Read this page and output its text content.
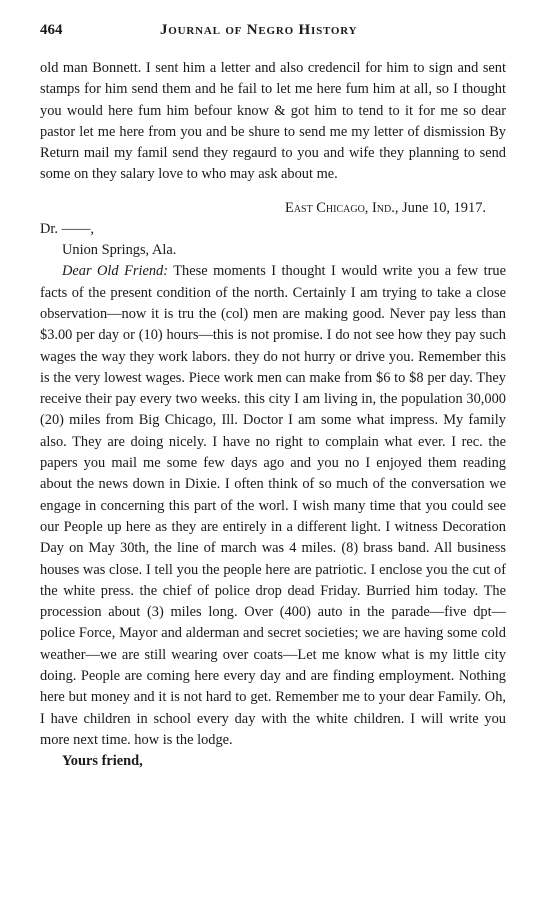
464	Journal of Negro History

old man Bonnett. I sent him a letter and also credencil for him to sign and sent stamps for him send them and he fail to let me here fum him at all, so I thought you would here fum him befour know & got him to tend to it for me so dear pastor let me here from you and be shure to send me my letter of dismission By Return mail my famil send they regaurd to you and wife they planning to send some on they salary love to who may ask about me.

East Chicago, Ind., June 10, 1917.
Dr. ——,
Union Springs, Ala.

Dear Old Friend: These moments I thought I would write you a few true facts of the present condition of the north. Certainly I am trying to take a close observation—now it is tru the (col) men are making good. Never pay less than $3.00 per day or (10) hours—this is not promise. I do not see how they pay such wages the way they work labors. they do not hurry or drive you. Remember this is the very lowest wages. Piece work men can make from $6 to $8 per day. They receive their pay every two weeks. this city I am living in, the population 30,000 (20) miles from Big Chicago, Ill. Doctor I am some what impress. My family also. They are doing nicely. I have no right to complain what ever. I rec. the papers you mail me some few days ago and you no I enjoyed them reading about the news down in Dixie. I often think of so much of the conversation we engage in concerning this part of the worl. I wish many time that you could see our People up here as they are entirely in a different light. I witness Decoration Day on May 30th, the line of march was 4 miles. (8) brass band. All business houses was close. I tell you the people here are patriotic. I enclose you the cut of the white press. the chief of police drop dead Friday. Burried him today. The procession about (3) miles long. Over (400) auto in the parade—five dpt—police Force, Mayor and alderman and secret societies; we are having some cold weather—we are still wearing over coats—Let me know what is my little city doing. People are coming here every day and are finding employment. Nothing here but money and it is not hard to get. Remember me to your dear Family. Oh, I have children in school every day with the white children. I will write you more next time. how is the lodge.

Yours friend,
